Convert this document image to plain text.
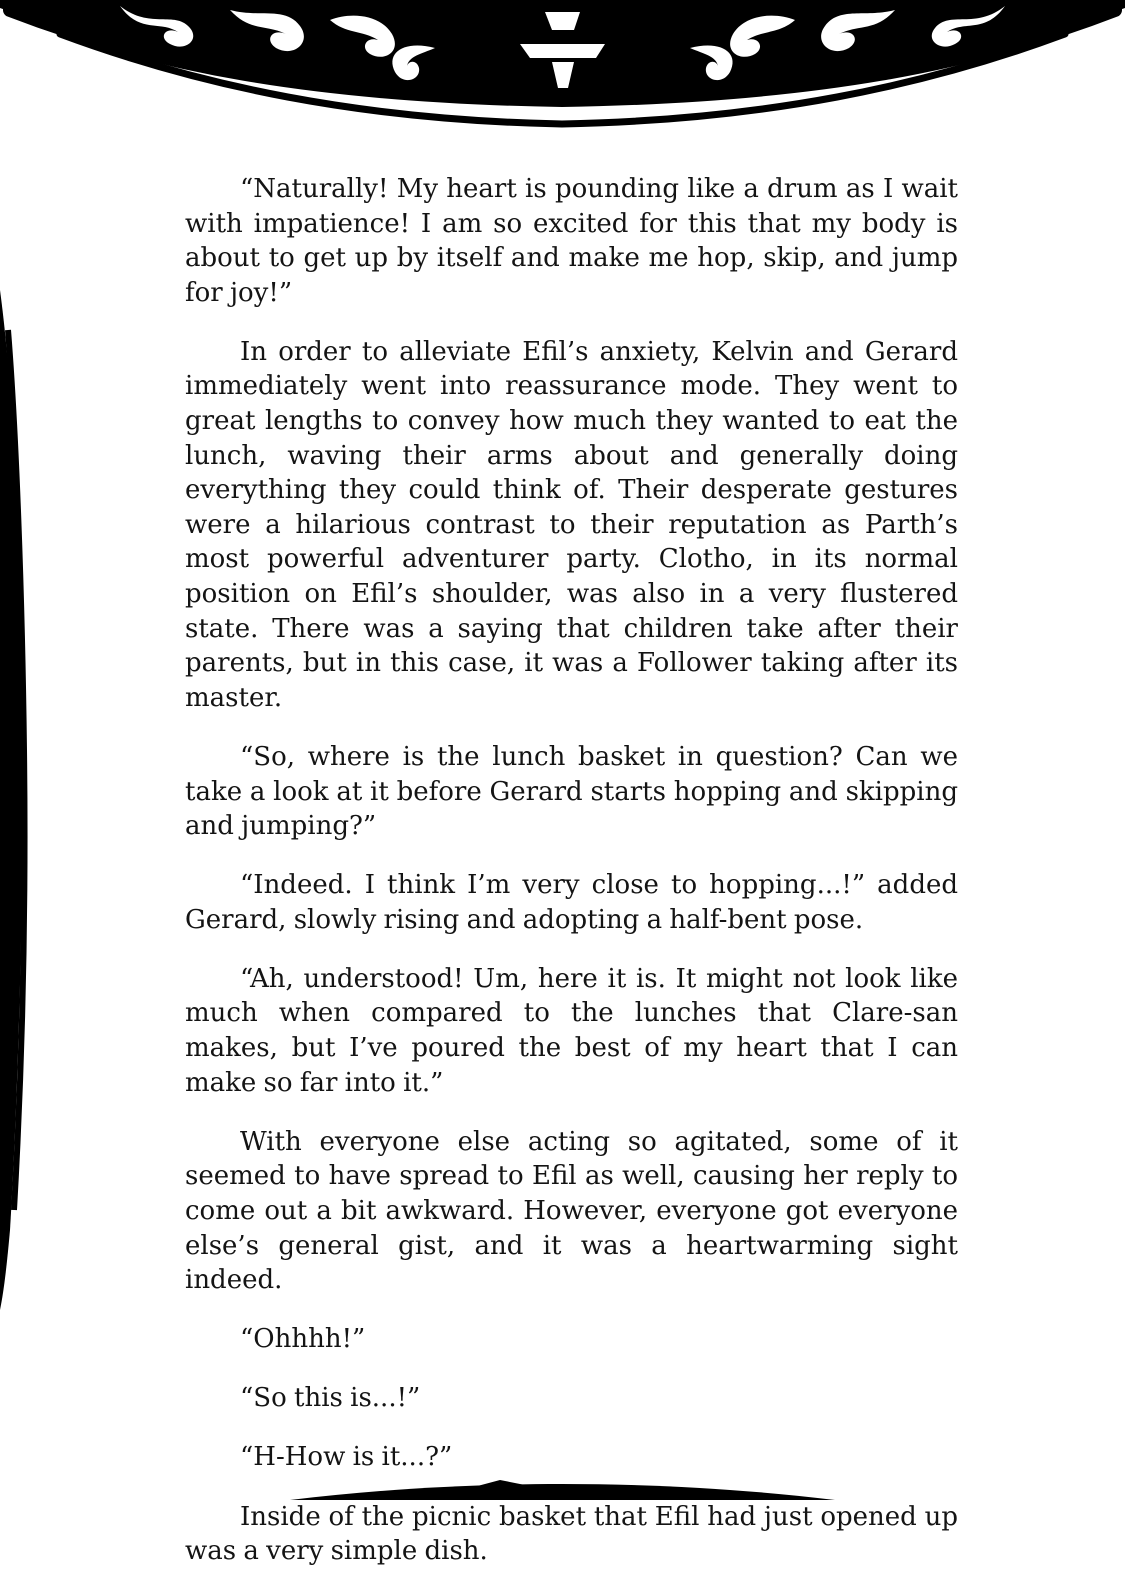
“Naturally! My heart is pounding like a drum as I wait with impatience! I am so excited for this that my body is about to get up by itself and make me hop, skip, and jump for joy!”

In order to alleviate Efil’s anxiety, Kelvin and Gerard immediately went into reassurance mode. They went to great lengths to convey how much they wanted to eat the lunch, waving their arms about and generally doing everything they could think of. Their desperate gestures were a hilarious contrast to their reputation as Parth’s most powerful adventurer party. Clotho, in its normal position on Efil’s shoulder, was also in a very flustered state. There was a saying that children take after their parents, but in this case, it was a Follower taking after its master.

“So, where is the lunch basket in question? Can we take a look at it before Gerard starts hopping and skipping and jumping?”

“Indeed. I think I’m very close to hopping...!” added Gerard, slowly rising and adopting a half-bent pose.

“Ah, understood! Um, here it is. It might not look like much when compared to the lunches that Clare-san makes, but I’ve poured the best of my heart that I can make so far into it.”

With everyone else acting so agitated, some of it seemed to have spread to Efil as well, causing her reply to come out a bit awkward. However, everyone got everyone else’s general gist, and it was a heartwarming sight indeed.

“Ohhhh!”

“So this is...!”

“H-How is it...?”

Inside of the picnic basket that Efil had just opened up was a very simple dish.
